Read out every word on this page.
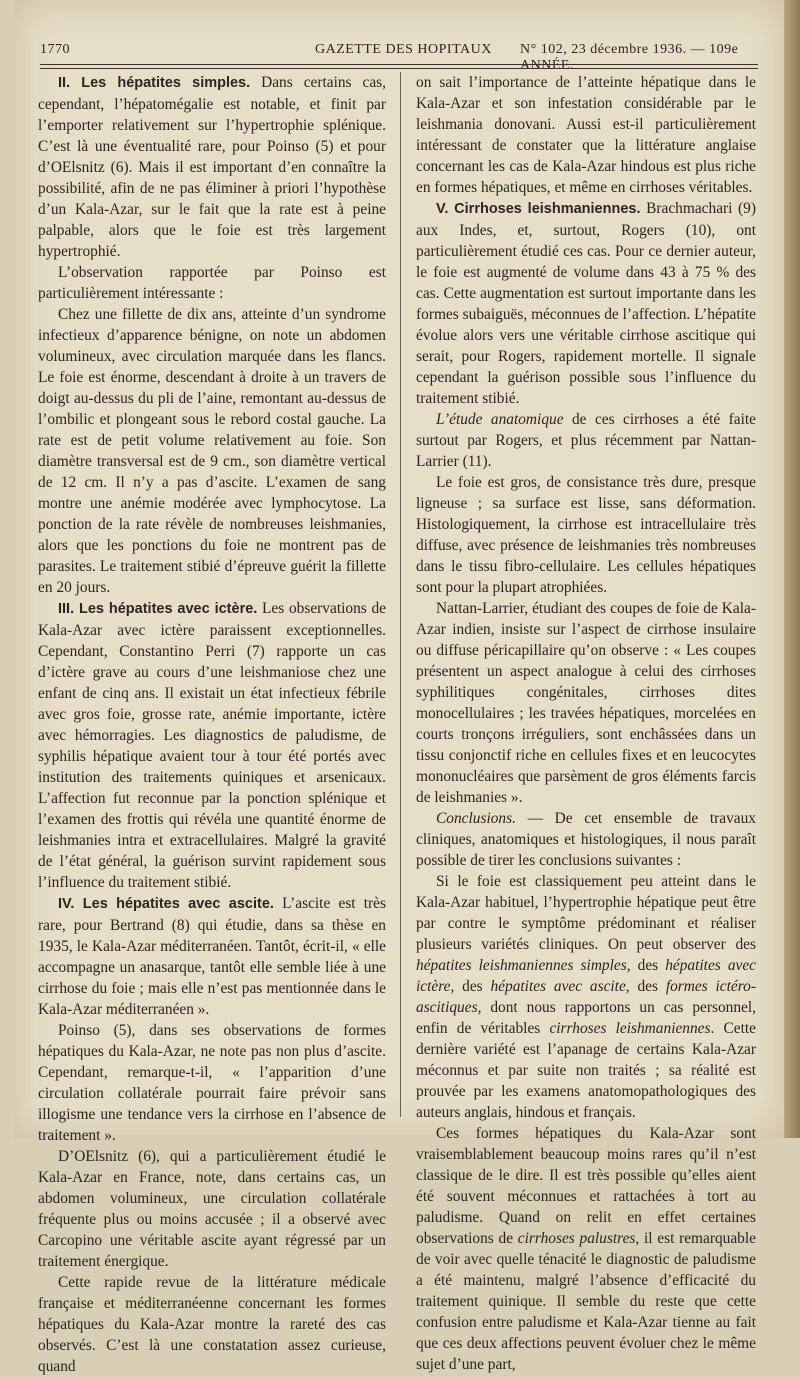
1770	GAZETTE DES HOPITAUX N° 102, 23 décembre 1936. — 109e ANNÉE.

II. Les hépatites simples. Dans certains cas, cependant, l’hépatomégalie est notable, et finit par l’emporter relativement sur l’hypertrophie splénique. C’est là une éventualité rare, pour Poinso (5) et pour d’OElsnitz (6). Mais il est important d’en connaître la possibilité, afin de ne pas éliminer à priori l’hypothèse d’un Kala-Azar, sur le fait que la rate est à peine palpable, alors que le foie est très largement hypertrophié.

L’observation rapportée par Poinso est particulièrement intéressante :

Chez une fillette de dix ans, atteinte d’un syndrome infectieux d’apparence bénigne, on note un abdomen volumineux, avec circulation marquée dans les flancs. Le foie est énorme, descendant à droite à un travers de doigt au-dessus du pli de l’aine, remontant au-dessus de l’ombilic et plongeant sous le rebord costal gauche. La rate est de petit volume relativement au foie. Son diamètre transversal est de 9 cm., son diamètre vertical de 12 cm. Il n’y a pas d’ascite. L’examen de sang montre une anémie modérée avec lymphocytose. La ponction de la rate révèle de nombreuses leishmanies, alors que les ponctions du foie ne montrent pas de parasites. Le traitement stibié d’épreuve guérit la fillette en 20 jours.

III. Les hépatites avec ictère. Les observations de Kala-Azar avec ictère paraissent exceptionnelles. Cependant, Constantino Perri (7) rapporte un cas d’ictère grave au cours d’une leishmaniose chez une enfant de cinq ans. Il existait un état infectieux fébrile avec gros foie, grosse rate, anémie importante, ictère avec hémorragies. Les diagnostics de paludisme, de syphilis hépatique avaient tour à tour été portés avec institution des traitements quiniques et arsenicaux. L’affection fut reconnue par la ponction splénique et l’examen des frottis qui révéla une quantité énorme de leishmanies intra et extracellulaires. Malgré la gravité de l’état général, la guérison survint rapidement sous l’influence du traitement stibié.

IV. Les hépatites avec ascite. L’ascite est très rare, pour Bertrand (8) qui étudie, dans sa thèse en 1935, le Kala-Azar méditerranéen. Tantôt, écrit-il, « elle accompagne un anasarque, tantôt elle semble liée à une cirrhose du foie ; mais elle n’est pas mentionnée dans le Kala-Azar méditerranéen ».

Poinso (5), dans ses observations de formes hépatiques du Kala-Azar, ne note pas non plus d’ascite. Cependant, remarque-t-il, « l’apparition d’une circulation collatérale pourrait faire prévoir sans illogisme une tendance vers la cirrhose en l’absence de traitement ».

D’OElsnitz (6), qui a particulièrement étudié le Kala-Azar en France, note, dans certains cas, un abdomen volumineux, une circulation collatérale fréquente plus ou moins accusée ; il a observé avec Carcopino une véritable ascite ayant régressé par un traitement énergique.

Cette rapide revue de la littérature médicale française et méditerranéenne concernant les formes hépatiques du Kala-Azar montre la rareté des cas observés. C’est là une constatation assez curieuse, quand

on sait l’importance de l’atteinte hépatique dans le Kala-Azar et son infestation considérable par le leishmania donovani. Aussi est-il particulièrement intéressant de constater que la littérature anglaise concernant les cas de Kala-Azar hindous est plus riche en formes hépatiques, et même en cirrhoses véritables.

V. Cirrhoses leishmaniennes. Brachmachari (9) aux Indes, et, surtout, Rogers (10), ont particulièrement étudié ces cas. Pour ce dernier auteur, le foie est augmenté de volume dans 43 à 75 % des cas. Cette augmentation est surtout importante dans les formes subaiguës, méconnues de l’affection. L’hépatite évolue alors vers une véritable cirrhose ascitique qui serait, pour Rogers, rapidement mortelle. Il signale cependant la guérison possible sous l’influence du traitement stibié.

L’étude anatomique de ces cirrhoses a été faite surtout par Rogers, et plus récemment par Nattan-Larrier (11).

Le foie est gros, de consistance très dure, presque ligneuse ; sa surface est lisse, sans déformation. Histologiquement, la cirrhose est intracellulaire très diffuse, avec présence de leishmanies très nombreuses dans le tissu fibro-cellulaire. Les cellules hépatiques sont pour la plupart atrophiées.

Nattan-Larrier, étudiant des coupes de foie de Kala-Azar indien, insiste sur l’aspect de cirrhose insulaire ou diffuse péricapillaire qu’on observe : « Les coupes présentent un aspect analogue à celui des cirrhoses syphilitiques congénitales, cirrhoses dites monocellulaires ; les travées hépatiques, morcelées en courts tronçons irréguliers, sont enchâssées dans un tissu conjonctif riche en cellules fixes et en leucocytes mononucléaires que parsèment de gros éléments farcis de leishmanies ».

Conclusions. — De cet ensemble de travaux cliniques, anatomiques et histologiques, il nous paraît possible de tirer les conclusions suivantes :

Si le foie est classiquement peu atteint dans le Kala-Azar habituel, l’hypertrophie hépatique peut être par contre le symptôme prédominant et réaliser plusieurs variétés cliniques. On peut observer des hépatites leishmaniennes simples, des hépatites avec ictère, des hépatites avec ascite, des formes ictéro-ascitiques, dont nous rapportons un cas personnel, enfin de véritables cirrhoses leishmaniennes. Cette dernière variété est l’apanage de certains Kala-Azar méconnus et par suite non traités ; sa réalité est prouvée par les examens anatomopathologiques des auteurs anglais, hindous et français.

Ces formes hépatiques du Kala-Azar sont vraisemblablement beaucoup moins rares qu’il n’est classique de le dire. Il est très possible qu’elles aient été souvent méconnues et rattachées à tort au paludisme. Quand on relit en effet certaines observations de cirrhoses palustres, il est remarquable de voir avec quelle ténacité le diagnostic de paludisme a été maintenu, malgré l’absence d’efficacité du traitement quinique. Il semble du reste que cette confusion entre paludisme et Kala-Azar tienne au fait que ces deux affections peuvent évoluer chez le même sujet d’une part,
